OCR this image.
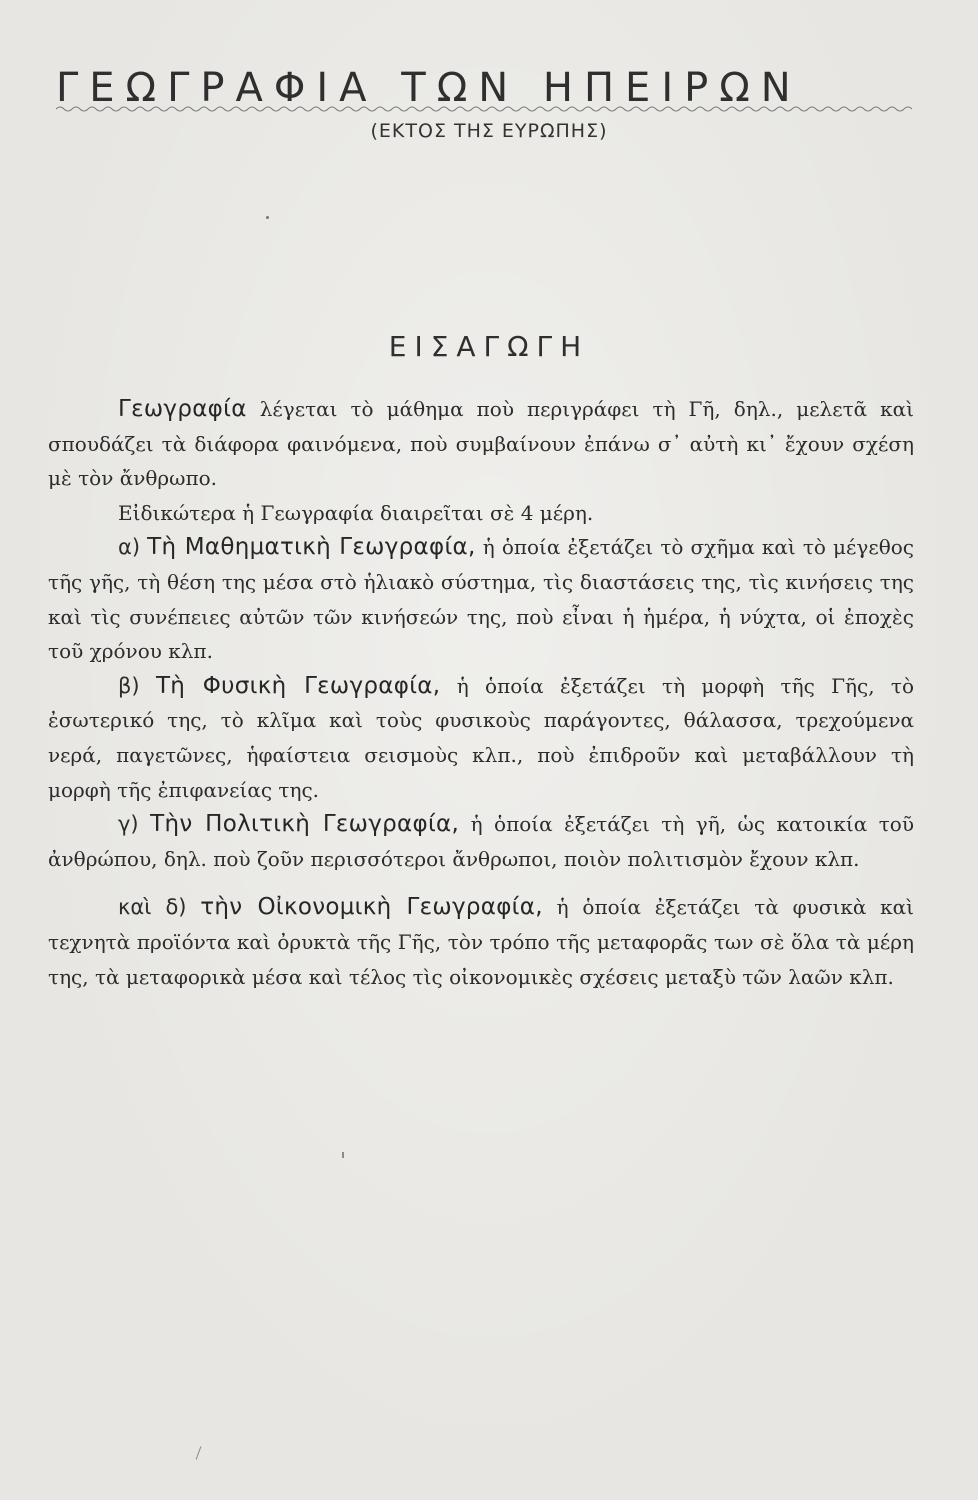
ΓΕΩΓΡΑΦΙΑ ΤΩΝ ΗΠΕΙΡΩΝ
(ΕΚΤΟΣ ΤΗΣ ΕΥΡΩΠΗΣ)
ΕΙΣΑΓΩΓΗ

Γεωγραφία λέγεται τὸ μάθημα ποὺ περιγράφει τὴ Γῆ, δηλ., μελετᾶ καὶ σπουδάζει τὰ διάφορα φαινόμενα, ποὺ συμβαίνουν ἐπάνω σ᾿ αὐτὴ κι᾿ ἔχουν σχέση μὲ τὸν ἄνθρωπο.

Εἰδικώτερα ἡ Γεωγραφία διαιρεῖται σὲ 4 μέρη.

α) Τὴ Μαθηματικὴ Γεωγραφία, ἡ ὁποία ἐξετάζει τὸ σχῆμα καὶ τὸ μέγεθος τῆς γῆς, τὴ θέση της μέσα στὸ ἡλιακὸ σύστημα, τὶς διαστάσεις της, τὶς κινήσεις της καὶ τὶς συνέπειες αὐτῶν τῶν κινήσεών της, ποὺ εἶναι ἡ ἡμέρα, ἡ νύχτα, οἱ ἐποχὲς τοῦ χρόνου κλπ.

β) Τὴ Φυσικὴ Γεωγραφία, ἡ ὁποία ἐξετάζει τὴ μορφὴ τῆς Γῆς, τὸ ἐσωτερικό της, τὸ κλῖμα καὶ τοὺς φυσικοὺς παράγοντες, θάλασσα, τρεχούμενα νερά, παγετῶνες, ἡφαίστεια σεισμοὺς κλπ., ποὺ ἐπιδροῦν καὶ μεταβάλλουν τὴ μορφὴ τῆς ἐπιφανείας της.

γ) Τὴν Πολιτικὴ Γεωγραφία, ἡ ὁποία ἐξετάζει τὴ γῆ, ὡς κατοικία τοῦ ἀνθρώπου, δηλ. ποὺ ζοῦν περισσότεροι ἄνθρωποι, ποιὸν πολιτισμὸν ἔχουν κλπ.

καὶ δ) τὴν Οἰκονομικὴ Γεωγραφία, ἡ ὁποία ἐξετάζει τὰ φυσικὰ καὶ τεχνητὰ προϊόντα καὶ ὀρυκτὰ τῆς Γῆς, τὸν τρόπο τῆς μεταφορᾶς των σὲ ὅλα τὰ μέρη της, τὰ μεταφορικὰ μέσα καὶ τέλος τὶς οἰκονομικὲς σχέσεις μεταξὺ τῶν λαῶν κλπ.
